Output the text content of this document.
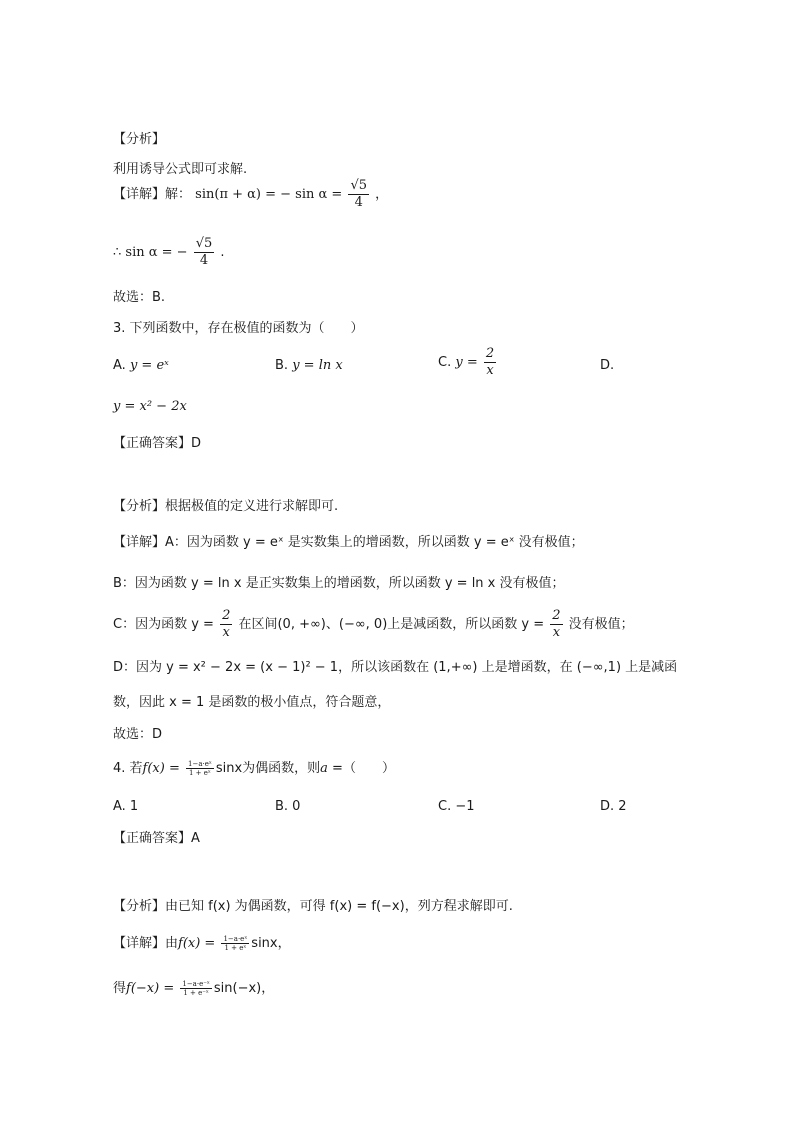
【分析】
利用诱导公式即可求解.
【详解】解： sin(π + α) = − $\sin \alpha = \frac{√5}{4}$ ，
∴ sin α = − $\frac{√5}{4}$ .
故选：B.
3. 下列函数中，存在极值的函数为（　　）
A. y = eˣ	B. y = ln x	C. $y = \frac{2}{x}$	D.
y = x² − 2x
【正确答案】D
【分析】根据极值的定义进行求解即可.
【详解】A：因为函数 y = eˣ 是实数集上的增函数，所以函数 y = eˣ 没有极值；
B：因为函数 y = ln x 是正实数集上的增函数，所以函数 y = ln x 没有极值；
C：因为函数 $y = \frac{2}{x}$ 在区间(0, +∞)、(−∞, 0)上是减函数，所以函数 $y = \frac{2}{x}$ 没有极值；
D：因为 y = x² − 2x = (x − 1)² − 1，所以该函数在 (1,+∞) 上是增函数，在 (−∞,1) 上是减函
数，因此 x = 1 是函数的极小值点，符合题意，
故选：D
4. 若$f(x) = \frac{\text{1−a·eˣ}}{\text{1 + eˣ}}$ sinx为偶函数，则a =（　　）
A. 1	B. 0	C. −1	D. 2
【正确答案】A
【分析】由已知 f(x) 为偶函数，可得 f(x) = f(−x)，列方程求解即可.
【详解】由$f(x) = \frac{\text{1−a·eˣ}}{\text{1 + eˣ}}$ sinx，
得$f(-x) = \frac{\text{1−a·e⁻ˣ}}{\text{1 + e⁻ˣ}} \sin(-x)$，
